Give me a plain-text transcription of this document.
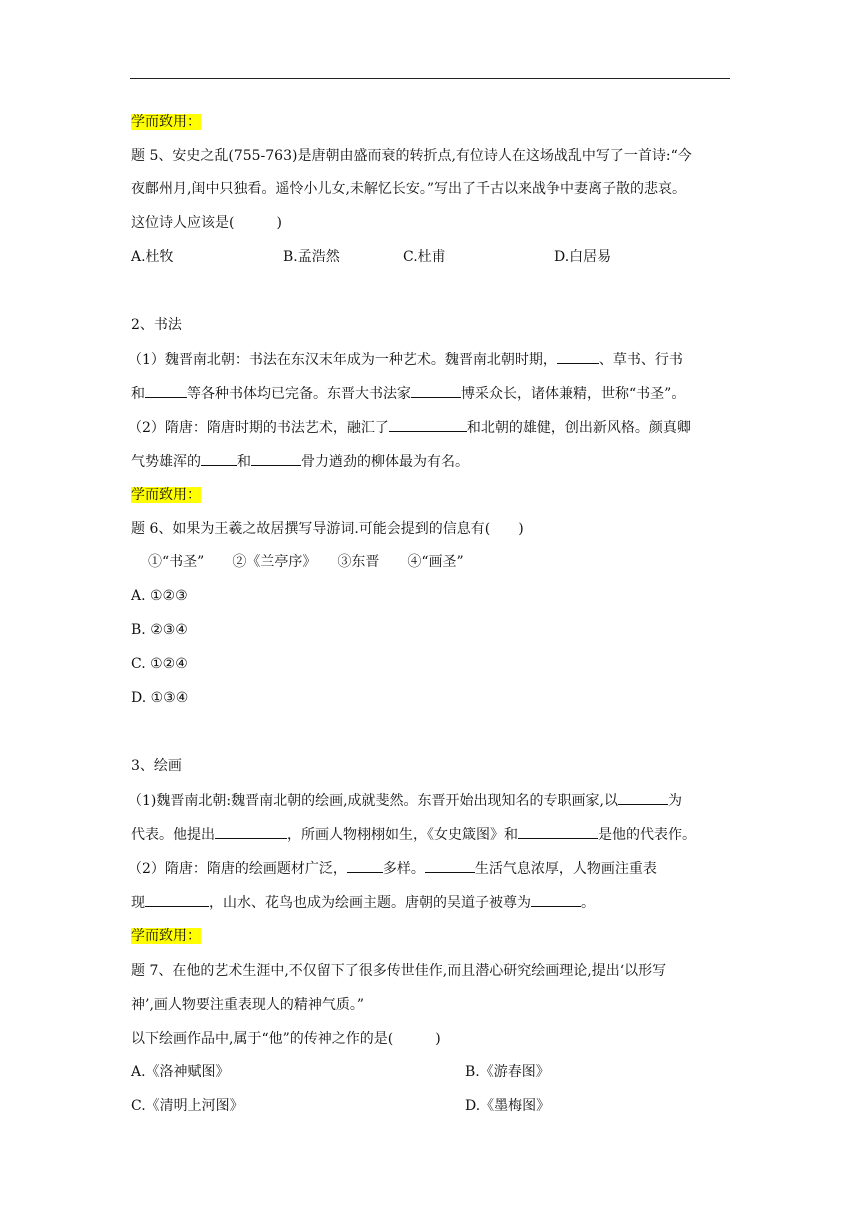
学而致用：
题 5、安史之乱(755-763)是唐朝由盛而衰的转折点,有位诗人在这场战乱中写了一首诗:“今
夜鄜州月,闺中只独看。遥怜小儿女,未解忆长安。”写出了千古以来战争中妻离子散的悲哀。
这位诗人应该是(　　　)
A.杜牧	B.孟浩然	C.杜甫	D.白居易
2、书法
（1）魏晋南北朝：书法在东汉末年成为一种艺术。魏晋南北朝时期，	、草书、行书
和	等各种书体均已完备。东晋大书法家	博采众长，诸体兼精，世称“书圣”。
（2）隋唐：隋唐时期的书法艺术，融汇了	和北朝的雄健，创出新风格。颜真卿
气势雄浑的	和	骨力遒劲的柳体最为有名。
学而致用：
题 6、如果为王羲之故居撰写导游词.可能会提到的信息有(　　)
①“书圣”　　②《兰亭序》　　③东晋　　④“画圣”
A. ①②③
B. ②③④
C. ①②④
D. ①③④
3、绘画
（1)魏晋南北朝:魏晋南北朝的绘画,成就斐然。东晋开始出现知名的专职画家,以	为
代表。他提出	，所画人物栩栩如生，《女史箴图》和	是他的代表作。
（2）隋唐：隋唐的绘画题材广泛，	多样。	生活气息浓厚，人物画注重表
现	，山水、花鸟也成为绘画主题。唐朝的吴道子被尊为	。
学而致用：
题 7、在他的艺术生涯中,不仅留下了很多传世佳作,而且潜心研究绘画理论,提出‘以形写
神’,画人物要注重表现人的精神气质。”
以下绘画作品中,属于“他”的传神之作的是(　　　)
A.《洛神赋图》	B.《游春图》
C.《清明上河图》	D.《墨梅图》
